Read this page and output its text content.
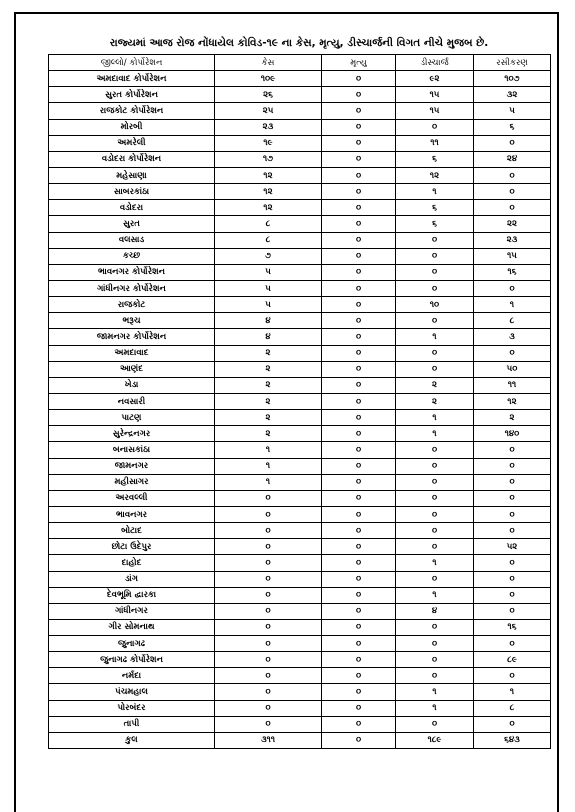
રાજ્યમાં આજ રોજ નોંધાયેલ કોવિડ-૧૯ ના કેસ, મૃત્યુ, ડીસ્ચાર્જની વિગત નીચે મુજબ છે.
જીલ્લો/ કોર્પોરેશન	કેસ	મૃત્યુ	ડીસ્ચાર્જ	રસીકરણ
અમદાવાદ કોર્પોરેશન	૧૦૯	૦	૯૨	૧૦૭
સુરત કોર્પોરેશન	૨૬	૦	૧૫	૩૨
રાજકોટ કોર્પોરેશન	૨૫	૦	૧૫	૫
મોરબી	૨૩	૦	૦	૬
અમરેલી	૧૯	૦	૧૧	૦
વડોદરા કોર્પોરેશન	૧૭	૦	૬	૨૪
મહેસાણા	૧૨	૦	૧૨	૦
સાબરકાંઠા	૧૨	૦	૧	૦
વડોદરા	૧૨	૦	૬	૦
સુરત	૮	૦	૬	૨૨
વલસાડ	૮	૦	૦	૨૩
કચ્છ	૭	૦	૦	૧૫
ભાવનગર કોર્પોરેશન	૫	૦	૦	૧૬
ગાંધીનગર કોર્પોરેશન	૫	૦	૦	૦
રાજકોટ	૫	૦	૧૦	૧
ભરૂચ	૪	૦	૦	૮
જામનગર કોર્પોરેશન	૪	૦	૧	૩
અમદાવાદ	૨	૦	૦	૦
આણંદ	૨	૦	૦	૫૦
ખેડા	૨	૦	૨	૧૧
નવસારી	૨	૦	૨	૧૨
પાટણ	૨	૦	૧	૨
સુરેન્દ્રનગર	૨	૦	૧	૧૪૦
બનાસકાંઠા	૧	૦	૦	૦
જામનગર	૧	૦	૦	૦
મહીસાગર	૧	૦	૦	૦
અરવલ્લી	૦	૦	૦	૦
ભાવનગર	૦	૦	૦	૦
બોટાદ	૦	૦	૦	૦
છોટા ઉદેપુર	૦	૦	૦	૫૨
દાહોદ	૦	૦	૧	૦
ડાંગ	૦	૦	૦	૦
દેવભૂમિ દ્વારકા	૦	૦	૧	૦
ગાંધીનગર	૦	૦	૪	૦
ગીર સોમનાથ	૦	૦	૦	૧૬
જુનાગઢ	૦	૦	૦	૦
જુનાગઢ કોર્પોરેશન	૦	૦	૦	૮૯
નર્મદા	૦	૦	૦	૦
પંચમહાલ	૦	૦	૧	૧
પોરબંદર	૦	૦	૧	૮
તાપી	૦	૦	૦	૦
કુલ	૩૧૧	૦	૧૮૯	૬૪૩
